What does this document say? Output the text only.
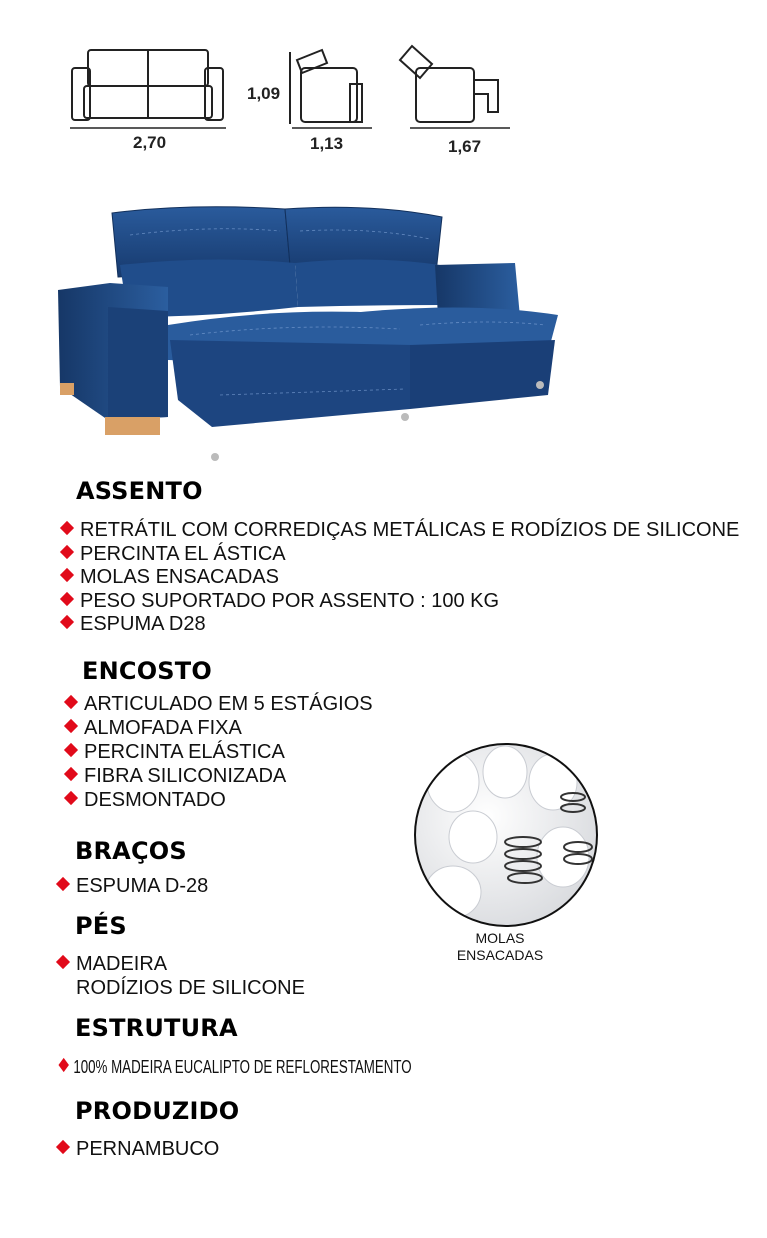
2,70
1,09
1,13	1,67
ASSENTO
RETRÁTIL COM CORREDIÇAS METÁLICAS E RODÍZIOS DE SILICONE
PERCINTA EL ÁSTICA
MOLAS ENSACADAS
PESO SUPORTADO POR ASSENTO : 100 KG
ESPUMA D28
ENCOSTO
ARTICULADO EM 5 ESTÁGIOS
ALMOFADA FIXA
PERCINTA ELÁSTICA
FIBRA SILICONIZADA
DESMONTADO
MOLAS
ENSACADAS
BRAÇOS
ESPUMA D-28
PÉS
MADEIRA
RODÍZIOS DE SILICONE
ESTRUTURA
100% MADEIRA EUCALIPTO DE REFLORESTAMENTO
PRODUZIDO
PERNAMBUCO
